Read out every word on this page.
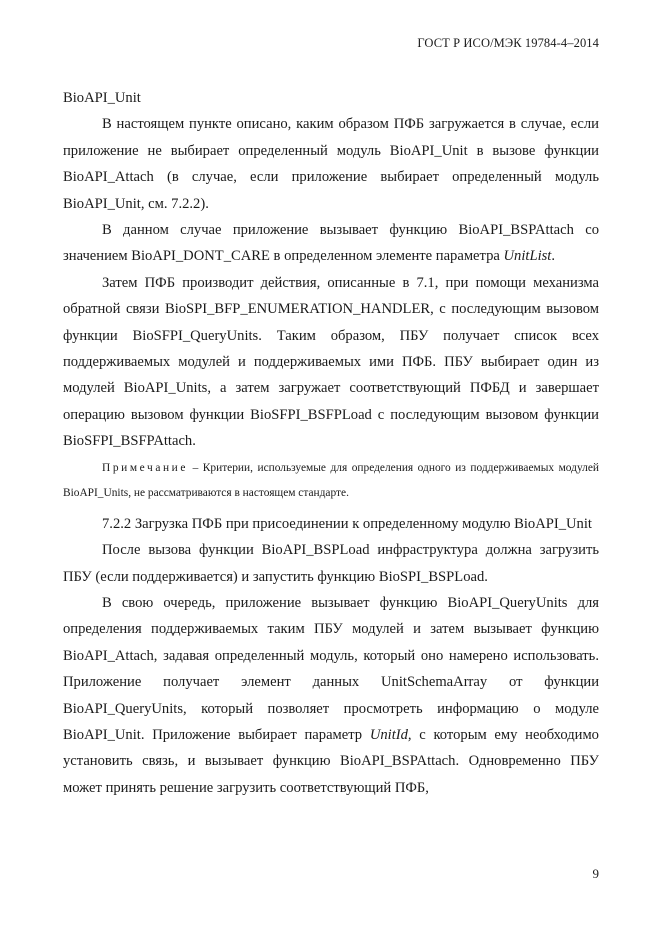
ГОСТ Р ИСО/МЭК 19784-4–2014

BioAPI_Unit

В настоящем пункте описано, каким образом ПФБ загружается в случае, если приложение не выбирает определенный модуль BioAPI_Unit в вызове функции BioAPI_Attach (в случае, если приложение выбирает определенный модуль BioAPI_Unit, см. 7.2.2).

В данном случае приложение вызывает функцию BioAPI_BSPAttach со значением BioAPI_DONT_CARE в определенном элементе параметра UnitList.

Затем ПФБ производит действия, описанные в 7.1, при помощи механизма обратной связи BioSPI_BFP_ENUMERATION_HANDLER, с последующим вызовом функции BioSFPI_QueryUnits. Таким образом, ПБУ получает список всех поддерживаемых модулей и поддерживаемых ими ПФБ. ПБУ выбирает один из модулей BioAPI_Units, а затем загружает соответствующий ПФБД и завершает операцию вызовом функции BioSFPI_BSFPLoad с последующим вызовом функции BioSFPI_BSFPAttach.

Примечание – Критерии, используемые для определения одного из поддерживаемых модулей BioAPI_Units, не рассматриваются в настоящем стандарте.

7.2.2 Загрузка ПФБ при присоединении к определенному модулю BioAPI_Unit

После вызова функции BioAPI_BSPLoad инфраструктура должна загрузить ПБУ (если поддерживается) и запустить функцию BioSPI_BSPLoad.

В свою очередь, приложение вызывает функцию BioAPI_QueryUnits для определения поддерживаемых таким ПБУ модулей и затем вызывает функцию BioAPI_Attach, задавая определенный модуль, который оно намерено использовать. Приложение получает элемент данных UnitSchemaArray от функции BioAPI_QueryUnits, который позволяет просмотреть информацию о модуле BioAPI_Unit. Приложение выбирает параметр UnitId, с которым ему необходимо установить связь, и вызывает функцию BioAPI_BSPAttach. Одновременно ПБУ может принять решение загрузить соответствующий ПФБ,

9
